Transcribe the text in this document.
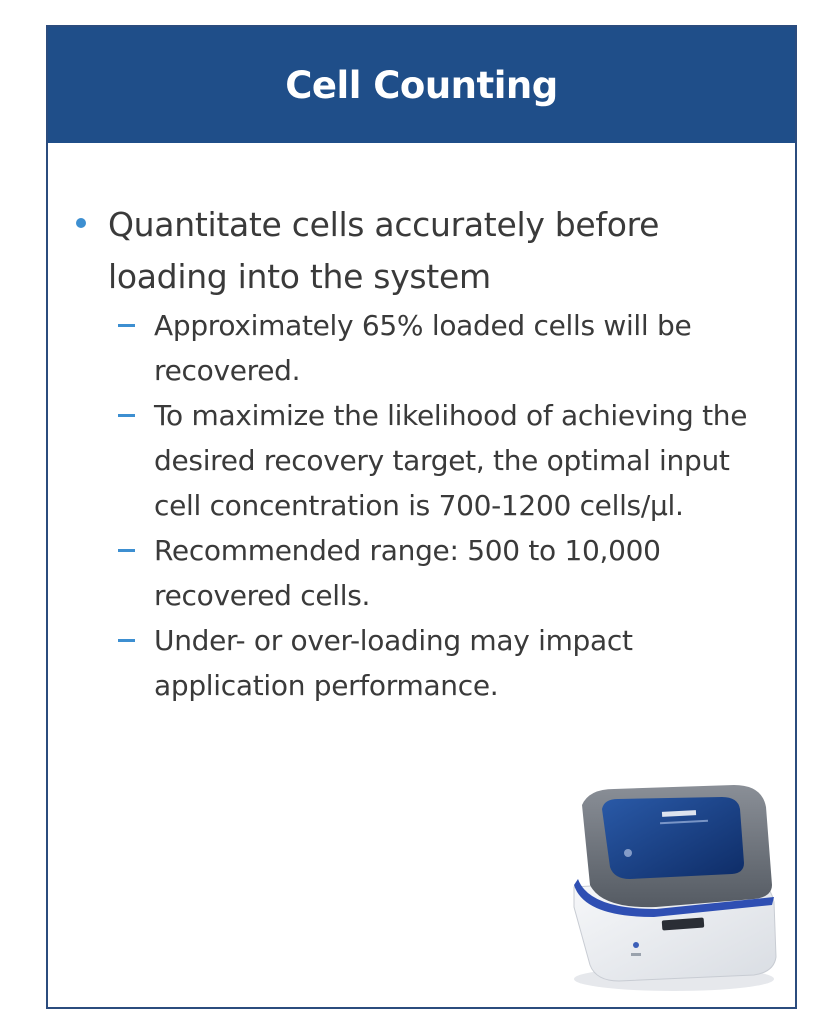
Cell Counting
Quantitate cells accurately before loading into the system
Approximately 65% loaded cells will be recovered.
To maximize the likelihood of achieving the desired recovery target, the optimal input cell concentration is 700-1200 cells/µl.
Recommended range: 500 to 10,000 recovered cells.
Under- or over-loading may impact application performance.
